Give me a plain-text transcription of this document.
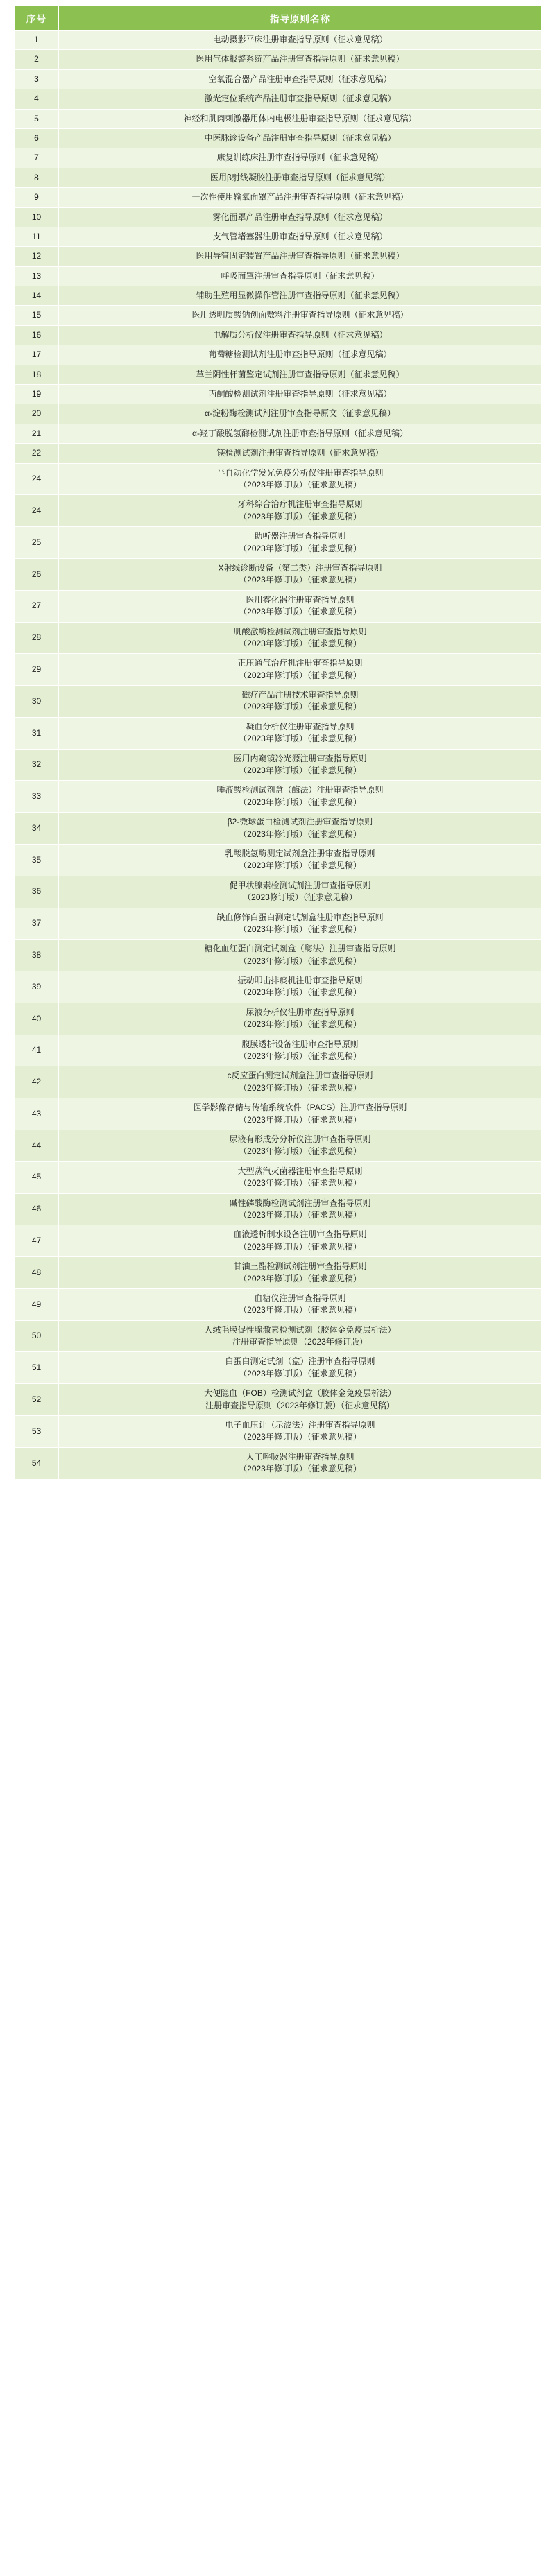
序号	指导原则名称
1	电动摄影平床注册审查指导原则（征求意见稿）

2	医用气体报警系统产品注册审查指导原则（征求意见稿）

3	空氧混合器产品注册审查指导原则（征求意见稿）

4	激光定位系统产品注册审查指导原则（征求意见稿）

5	神经和肌肉刺激器用体内电极注册审查指导原则（征求意见稿）

6	中医脉诊设备产品注册审查指导原则（征求意见稿）

7	康复训练床注册审查指导原则（征求意见稿）

8	医用β射线凝胶注册审查指导原则（征求意见稿）

9	一次性使用输氧面罩产品注册审查指导原则（征求意见稿）

10	雾化面罩产品注册审查指导原则（征求意见稿）

11	支气管堵塞器注册审查指导原则（征求意见稿）

12	医用导管固定装置产品注册审查指导原则（征求意见稿）

13	呼吸面罩注册审查指导原则（征求意见稿）

14	辅助生殖用显微操作管注册审查指导原则（征求意见稿）

15	医用透明质酸钠创面敷料注册审查指导原则（征求意见稿）

16	电解质分析仪注册审查指导原则（征求意见稿）

17	葡萄糖检测试剂注册审查指导原则（征求意见稿）

18	革兰阴性杆菌鉴定试剂注册审查指导原则（征求意见稿）

19	丙酮酸检测试剂注册审查指导原则（征求意见稿）

20	α-淀粉酶检测试剂注册审查指导原文（征求意见稿）

21	α-羟丁酸脱氢酶检测试剂注册审查指导原则（征求意见稿）

22	镁检测试剂注册审查指导原则（征求意见稿）

24	半自动化学发光免疫分析仪注册审查指导原则
（2023年修订版）（征求意见稿）

24	牙科综合治疗机注册审查指导原则
（2023年修订版）（征求意见稿）

25	助听器注册审查指导原则
（2023年修订版）（征求意见稿）

26	X射线诊断设备（第二类）注册审查指导原则
（2023年修订版）（征求意见稿）

27	医用雾化器注册审查指导原则
（2023年修订版）（征求意见稿）

28	肌酸激酶检测试剂注册审查指导原则
（2023年修订版）（征求意见稿）

29	正压通气治疗机注册审查指导原则
（2023年修订版）（征求意见稿）

30	磁疗产品注册技术审查指导原则
（2023年修订版）（征求意见稿）

31	凝血分析仪注册审查指导原则
（2023年修订版）（征求意见稿）

32	医用内窥镜冷光源注册审查指导原则
（2023年修订版）（征求意见稿）

33	唾液酸检测试剂盒（酶法）注册审查指导原则
（2023年修订版）（征求意见稿）

34	β2-微球蛋白检测试剂注册审查指导原则
（2023年修订版）（征求意见稿）

35	乳酸脱氢酶测定试剂盒注册审查指导原则
（2023年修订版）（征求意见稿）

36	促甲状腺素检测试剂注册审查指导原则
（2023修订版）（征求意见稿）

37	缺血修饰白蛋白测定试剂盒注册审查指导原则
（2023年修订版）（征求意见稿）

38	糖化血红蛋白测定试剂盒（酶法）注册审查指导原则
（2023年修订版）（征求意见稿）

39	振动叩击排痰机注册审查指导原则
（2023年修订版）（征求意见稿）

40	尿液分析仪注册审查指导原则
（2023年修订版）（征求意见稿）

41	腹膜透析设备注册审查指导原则
（2023年修订版）（征求意见稿）

42	c反应蛋白测定试剂盒注册审查指导原则
（2023年修订版）（征求意见稿）

43	医学影像存储与传输系统软件（PACS）注册审查指导原则
（2023年修订版）（征求意见稿）

44	尿液有形成分分析仪注册审查指导原则
（2023年修订版）（征求意见稿）

45	大型蒸汽灭菌器注册审查指导原则
（2023年修订版）（征求意见稿）

46	碱性磷酸酶检测试剂注册审查指导原则
（2023年修订版）（征求意见稿）

47	血液透析制水设备注册审查指导原则
（2023年修订版）（征求意见稿）

48	甘油三酯检测试剂注册审查指导原则
（2023年修订版）（征求意见稿）

49	血糖仪注册审查指导原则
（2023年修订版）（征求意见稿）

50	人绒毛膜促性腺激素检测试剂（胶体金免疫层析法）
注册审查指导原则（2023年修订版）

51	白蛋白测定试剂（盒）注册审查指导原则
（2023年修订版）（征求意见稿）

52	大便隐血（FOB）检测试剂盒（胶体金免疫层析法）
注册审查指导原则（2023年修订版）（征求意见稿）

53	电子血压计（示波法）注册审查指导原则
（2023年修订版）（征求意见稿）

54	人工呼吸器注册审查指导原则
（2023年修订版）（征求意见稿）
